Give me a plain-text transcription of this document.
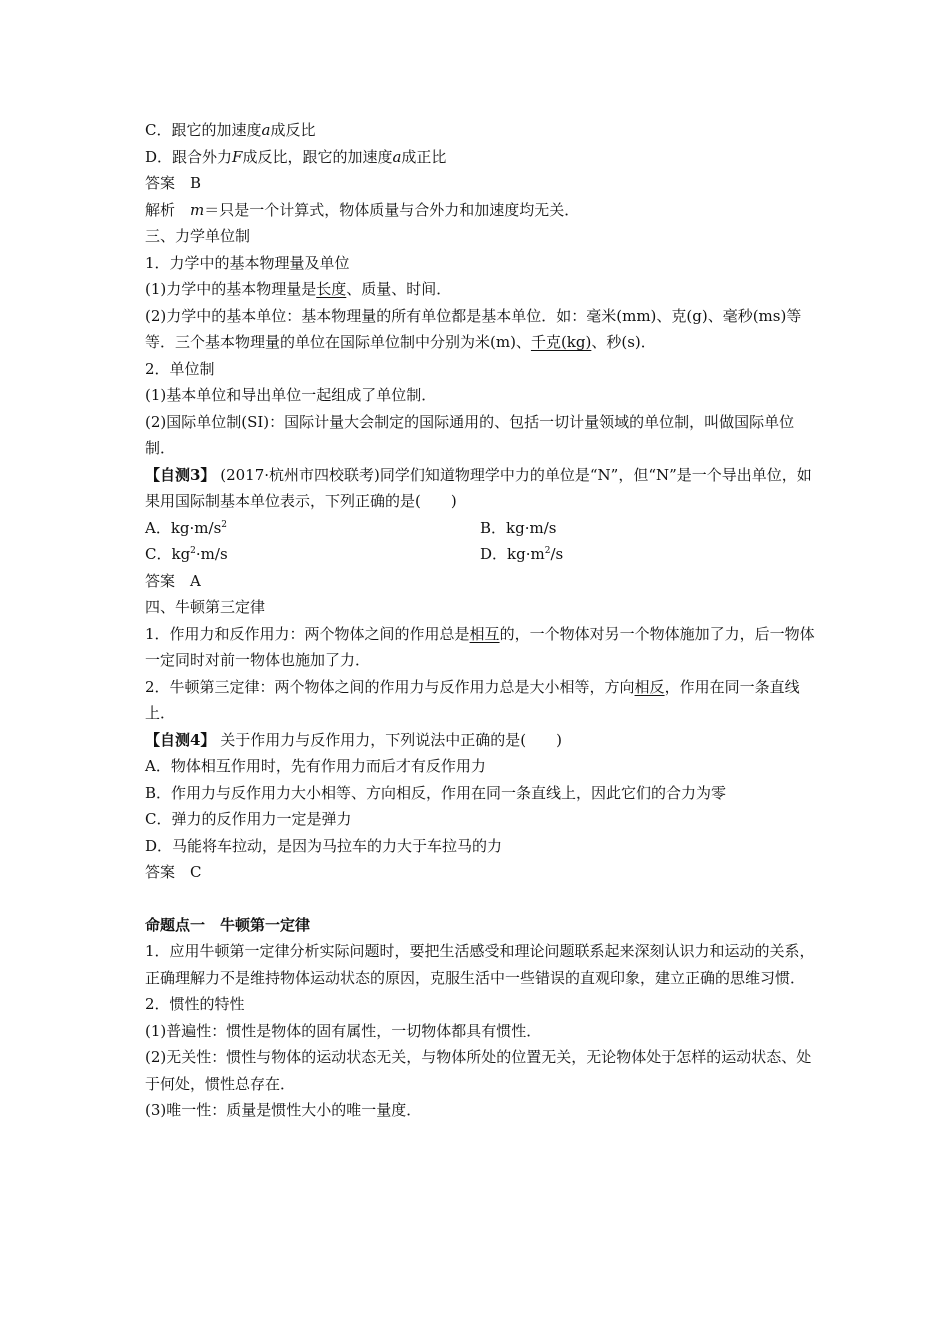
C．跟它的加速度a成反比
D．跟合外力F成反比，跟它的加速度a成正比
答案　B
解析　m＝只是一个计算式，物体质量与合外力和加速度均无关．
三、力学单位制
1．力学中的基本物理量及单位
(1)力学中的基本物理量是长度、质量、时间．
(2)力学中的基本单位：基本物理量的所有单位都是基本单位．如：毫米(mm)、克(g)、毫秒(ms)等等．三个基本物理量的单位在国际单位制中分别为米(m)、千克(kg)、秒(s)．
2．单位制
(1)基本单位和导出单位一起组成了单位制．
(2)国际单位制(SI)：国际计量大会制定的国际通用的、包括一切计量领域的单位制，叫做国际单位制．
【自测3】 (2017·杭州市四校联考)同学们知道物理学中力的单位是“N”，但“N”是一个导出单位，如果用国际制基本单位表示，下列正确的是(　　)
A．$kg\cdot m/s^2$	B．kg·m/s
C．$kg^2\cdot m/s$	D．$kg\cdot m^2/s$
答案　A
四、牛顿第三定律
1．作用力和反作用力：两个物体之间的作用总是相互的，一个物体对另一个物体施加了力，后一物体一定同时对前一物体也施加了力．
2．牛顿第三定律：两个物体之间的作用力与反作用力总是大小相等，方向相反，作用在同一条直线上．
【自测4】 关于作用力与反作用力，下列说法中正确的是(　　)
A．物体相互作用时，先有作用力而后才有反作用力
B．作用力与反作用力大小相等、方向相反，作用在同一条直线上，因此它们的合力为零
C．弹力的反作用力一定是弹力
D．马能将车拉动，是因为马拉车的力大于车拉马的力
答案　C
命题点一　牛顿第一定律
1．应用牛顿第一定律分析实际问题时，要把生活感受和理论问题联系起来深刻认识力和运动的关系，正确理解力不是维持物体运动状态的原因，克服生活中一些错误的直观印象，建立正确的思维习惯．
2．惯性的特性
(1)普遍性：惯性是物体的固有属性，一切物体都具有惯性．
(2)无关性：惯性与物体的运动状态无关，与物体所处的位置无关，无论物体处于怎样的运动状态、处于何处，惯性总存在．
(3)唯一性：质量是惯性大小的唯一量度．
